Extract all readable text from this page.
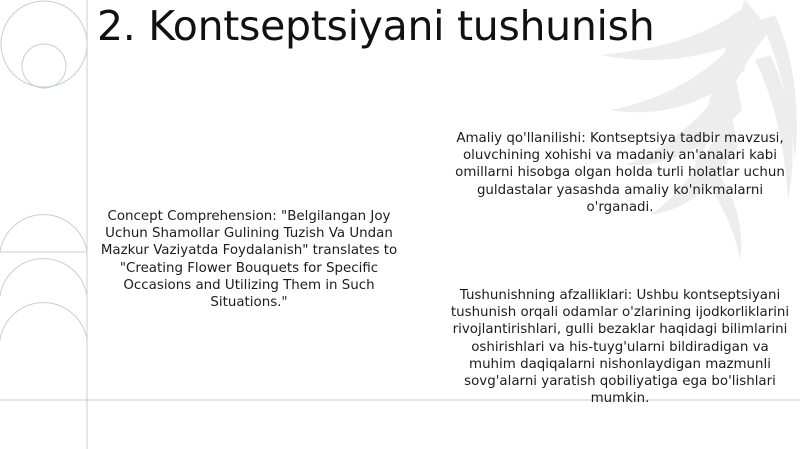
2. Kontseptsiyani tushunish

Concept Comprehension: "Belgilangan Joy Uchun Shamollar Gulining Tuzish Va Undan Mazkur Vaziyatda Foydalanish" translates to "Creating Flower Bouquets for Specific Occasions and Utilizing Them in Such Situations."

Amaliy qo'llanilishi: Kontseptsiya tadbir mavzusi, oluvchining xohishi va madaniy an'analari kabi omillarni hisobga olgan holda turli holatlar uchun guldastalar yasashda amaliy ko'nikmalarni o'rganadi.

Tushunishning afzalliklari: Ushbu kontseptsiyani tushunish orqali odamlar o'zlarining ijodkorliklarini rivojlantirishlari, gulli bezaklar haqidagi bilimlarini oshirishlari va his-tuyg'ularni bildiradigan va muhim daqiqalarni nishonlaydigan mazmunli sovg'alarni yaratish qobiliyatiga ega bo'lishlari mumkin.
